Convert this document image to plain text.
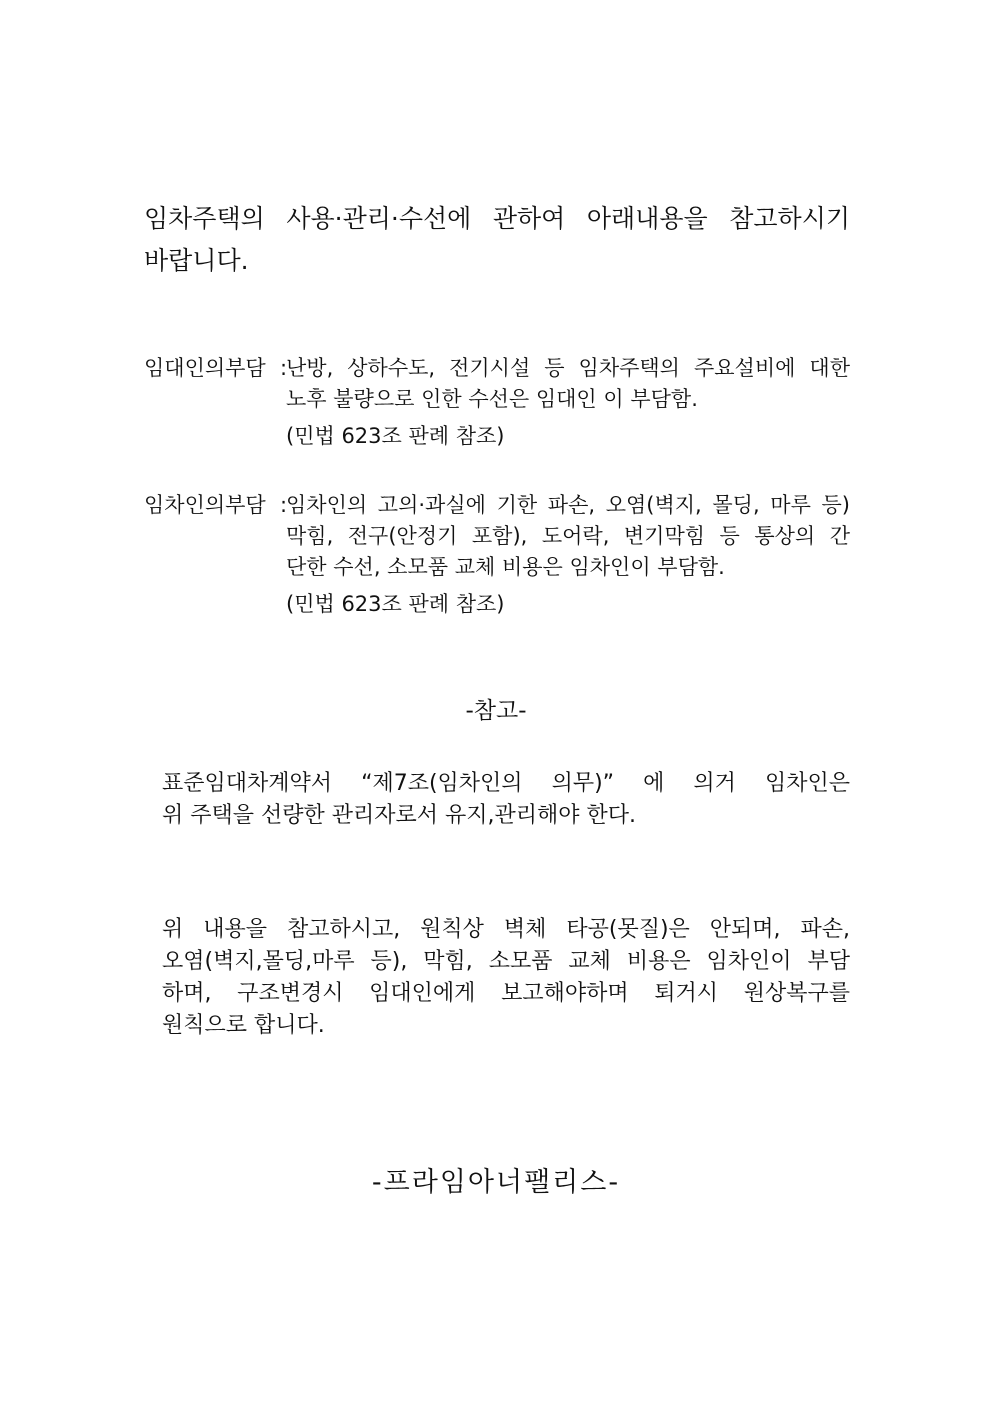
임차주택의 사용·관리·수선에 관하여 아래내용을 참고하시기
바랍니다.
임대인의부담 :
난방, 상하수도, 전기시설 등 임차주택의 주요설비에 대한
노후 불량으로 인한 수선은 임대인 이 부담함.
(민법 623조 판례 참조)
임차인의부담 :
임차인의 고의·과실에 기한 파손, 오염(벽지, 몰딩, 마루 등)
막힘, 전구(안정기 포함), 도어락, 변기막힘 등 통상의 간
단한 수선, 소모품 교체 비용은 임차인이 부담함.
(민법 623조 판례 참조)
-참고-
표준임대차계약서 “제7조(임차인의 의무)” 에 의거 임차인은
위 주택을 선량한 관리자로서 유지,관리해야 한다.
위 내용을 참고하시고, 원칙상 벽체 타공(못질)은 안되며, 파손,
오염(벽지,몰딩,마루 등), 막힘, 소모품 교체 비용은 임차인이 부담
하며, 구조변경시 임대인에게 보고해야하며 퇴거시 원상복구를
원칙으로 합니다.
-프라임아너팰리스-
